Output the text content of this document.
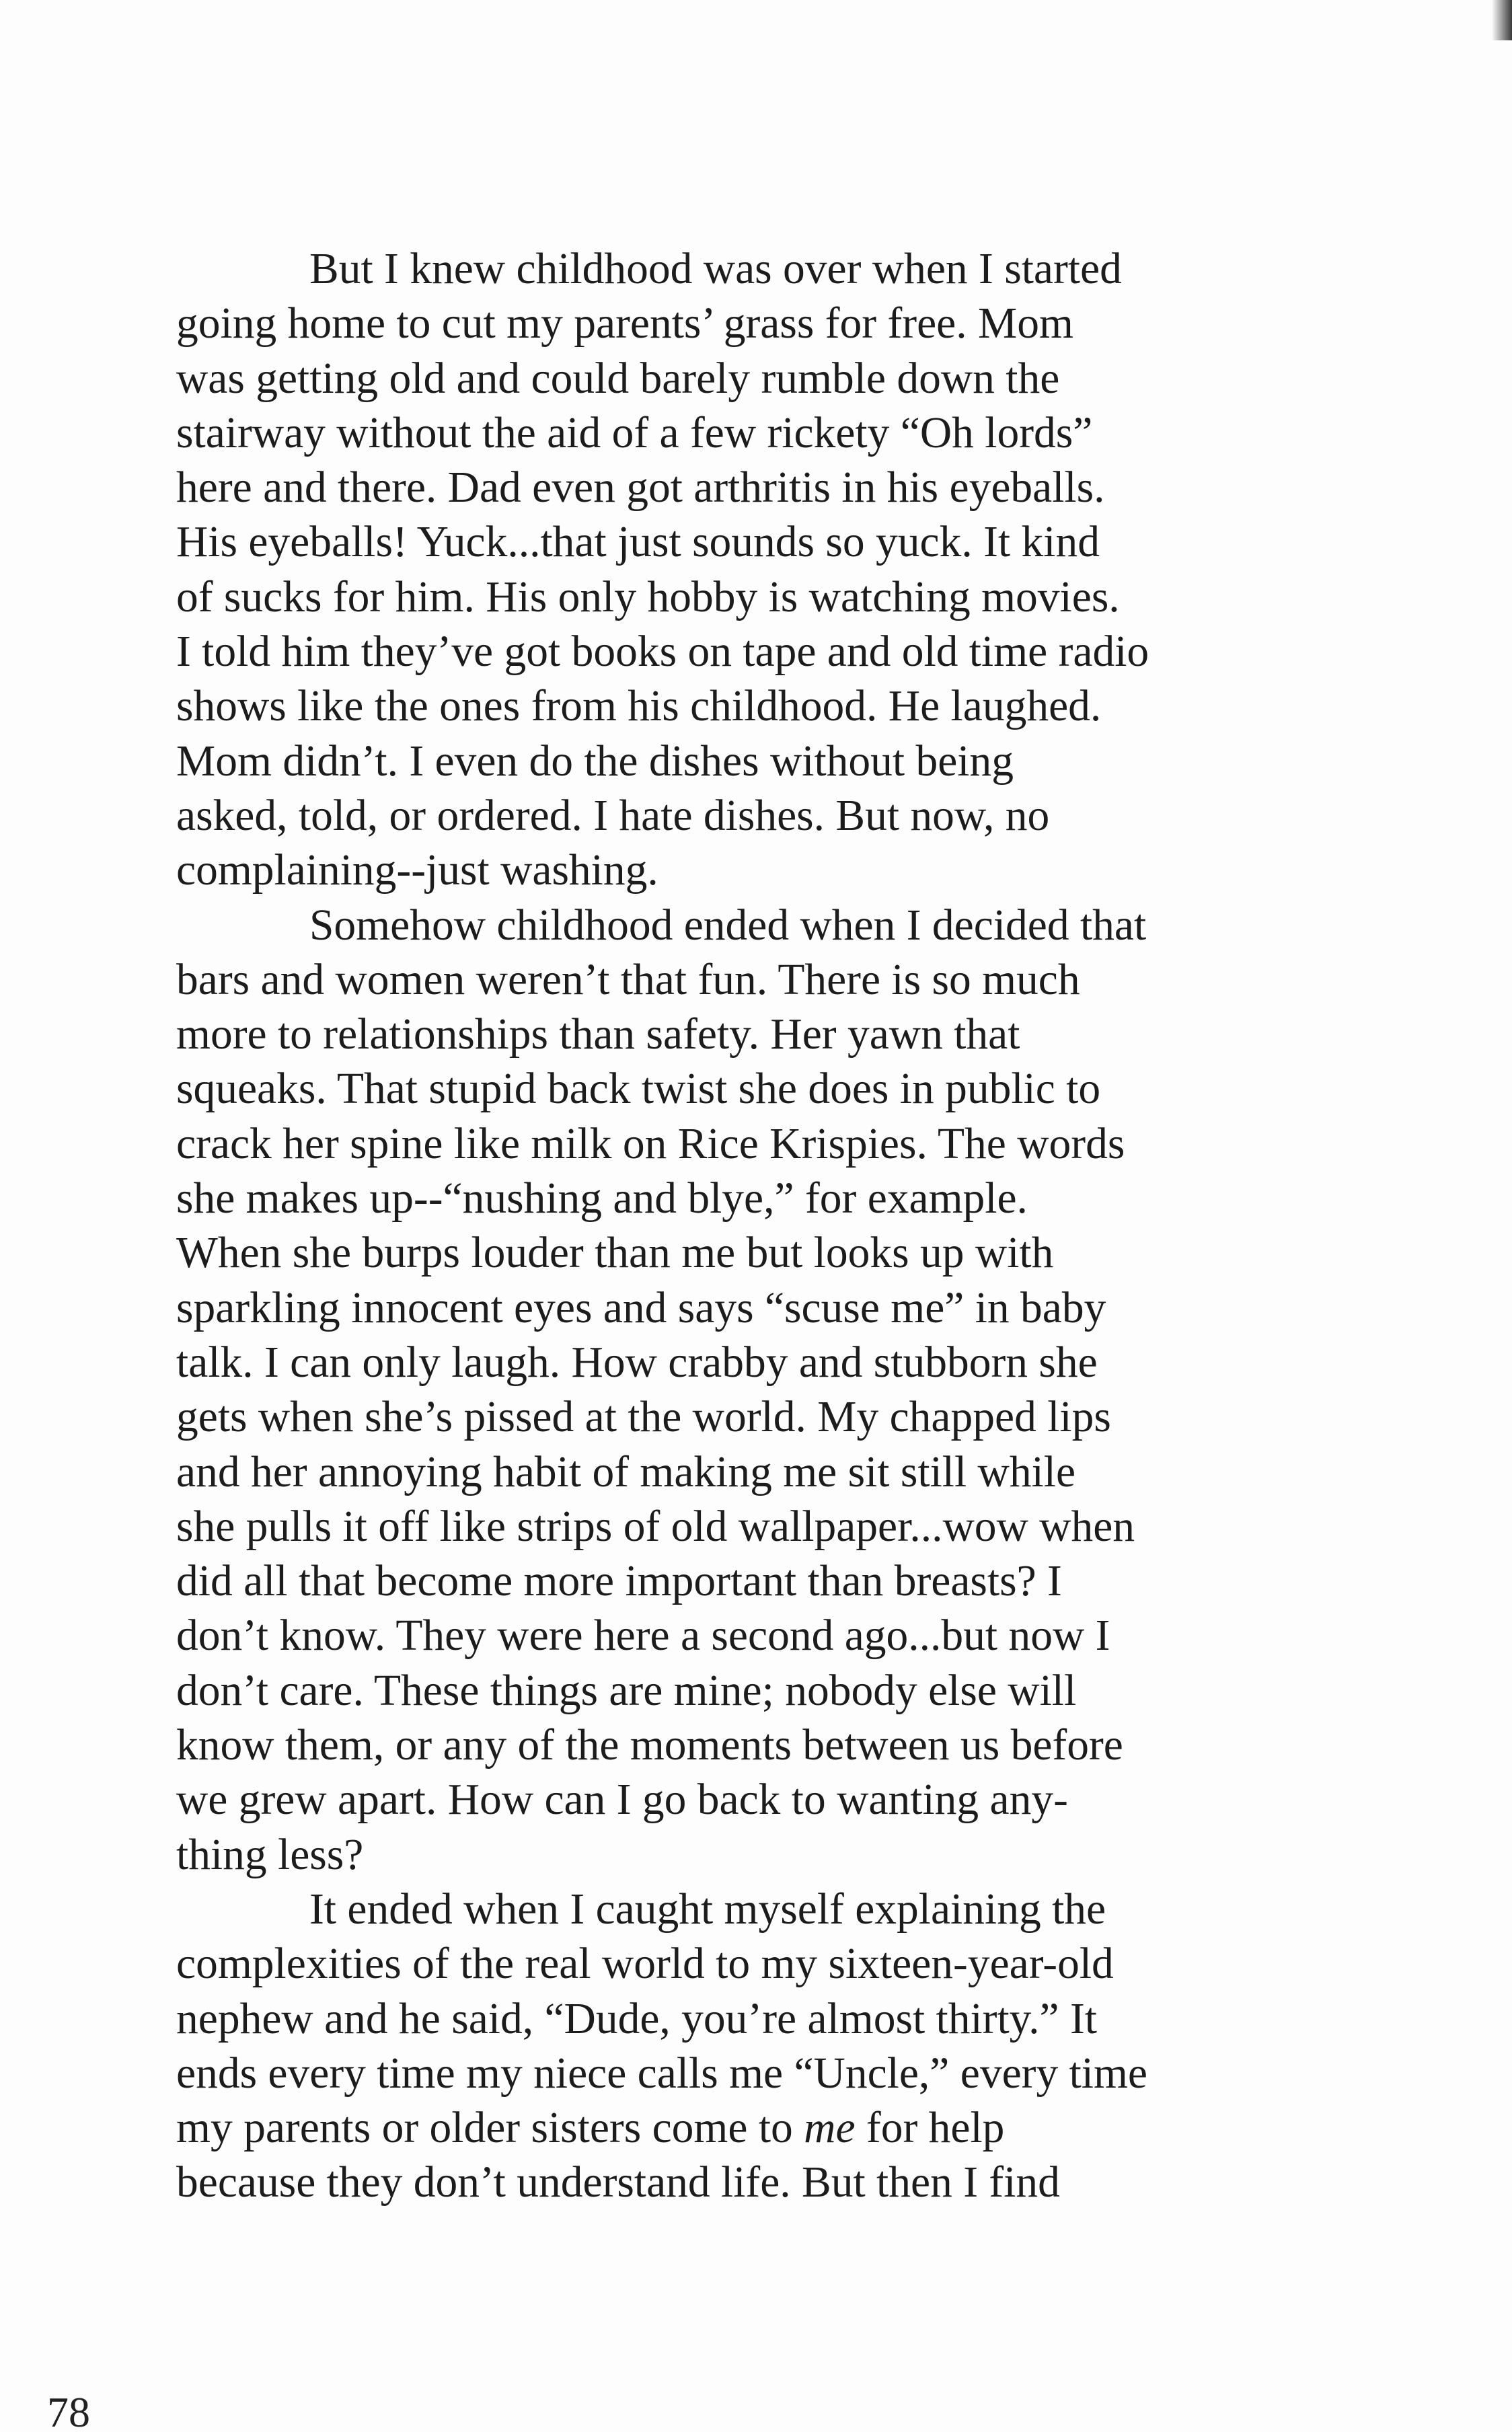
But I knew childhood was over when I started
going home to cut my parents’ grass for free. Mom
was getting old and could barely rumble down the
stairway without the aid of a few rickety “Oh lords”
here and there. Dad even got arthritis in his eyeballs.
His eyeballs! Yuck...that just sounds so yuck. It kind
of sucks for him. His only hobby is watching movies.
I told him they’ve got books on tape and old time radio
shows like the ones from his childhood. He laughed.
Mom didn’t. I even do the dishes without being
asked, told, or ordered. I hate dishes. But now, no
complaining--just washing.
Somehow childhood ended when I decided that
bars and women weren’t that fun. There is so much
more to relationships than safety. Her yawn that
squeaks. That stupid back twist she does in public to
crack her spine like milk on Rice Krispies. The words
she makes up--“nushing and blye,” for example.
When she burps louder than me but looks up with
sparkling innocent eyes and says “scuse me” in baby
talk. I can only laugh. How crabby and stubborn she
gets when she’s pissed at the world. My chapped lips
and her annoying habit of making me sit still while
she pulls it off like strips of old wallpaper...wow when
did all that become more important than breasts? I
don’t know. They were here a second ago...but now I
don’t care. These things are mine; nobody else will
know them, or any of the moments between us before
we grew apart. How can I go back to wanting any-
thing less?
It ended when I caught myself explaining the
complexities of the real world to my sixteen-year-old
nephew and he said, “Dude, you’re almost thirty.” It
ends every time my niece calls me “Uncle,” every time
my parents or older sisters come to me for help
because they don’t understand life. But then I find
78
